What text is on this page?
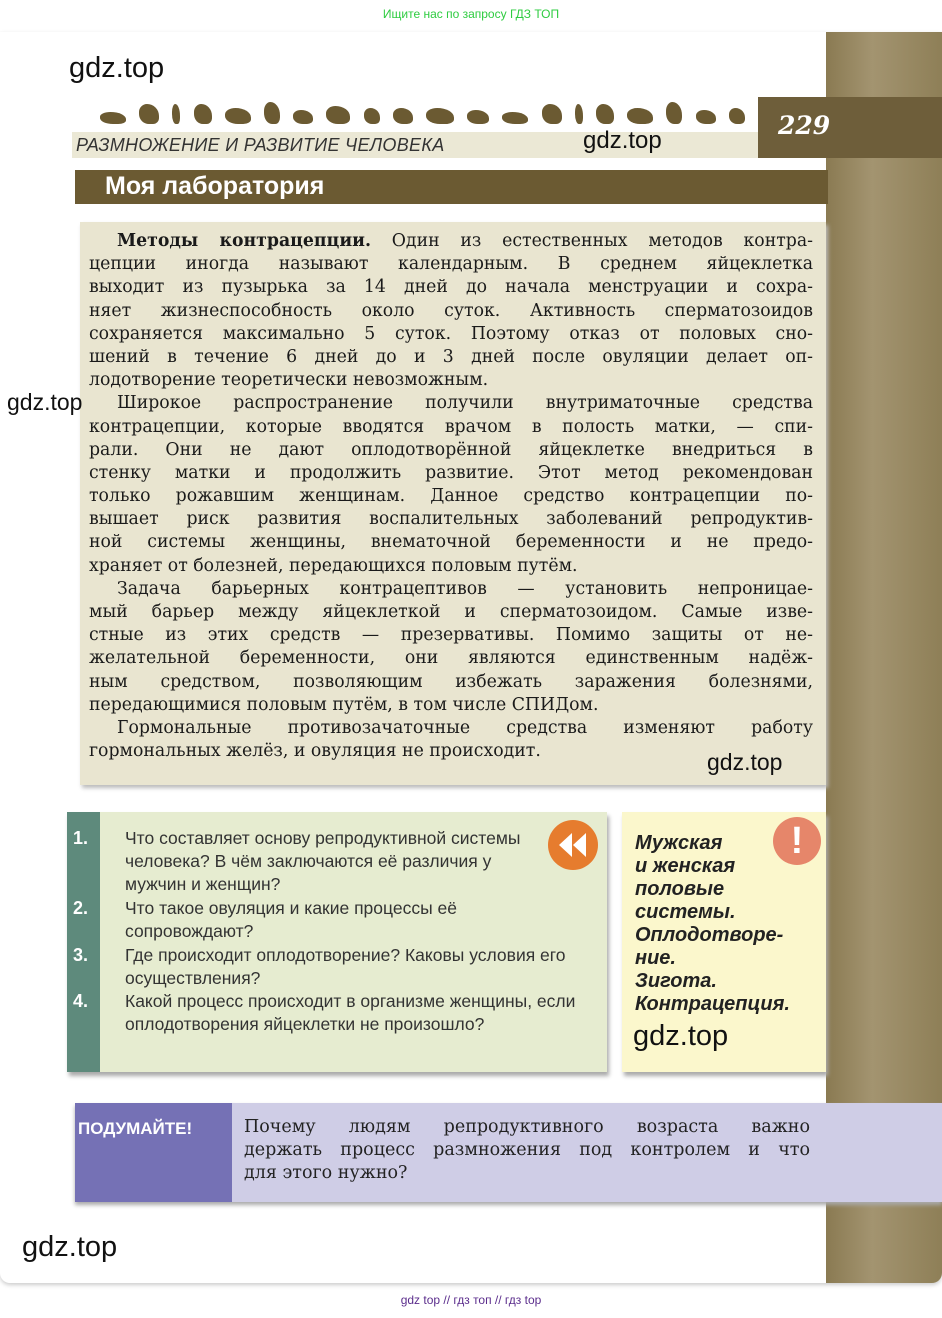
Ищите нас по запросу ГДЗ ТОП
gdz.top
229
РАЗМНОЖЕНИЕ И РАЗВИТИЕ ЧЕЛОВЕКА	gdz.top
Моя лаборатория
Методы контрацепции. Один из естественных методов контра-
цепции иногда называют календарным. В среднем яйцеклетка
выходит из пузырька за 14 дней до начала менструации и сохра-
няет жизнеспособность около суток. Активность сперматозоидов
сохраняется максимально 5 суток. Поэтому отказ от половых сно-
шений в течение 6 дней до и 3 дней после овуляции делает оп-
лодотворение теоретически невозможным.
Широкое распространение получили внутриматочные средства
контрацепции, которые вводятся врачом в полость матки, — спи-
рали. Они не дают оплодотворённой яйцеклетке внедриться в
стенку матки и продолжить развитие. Этот метод рекомендован
только рожавшим женщинам. Данное средство контрацепции по-
вышает риск развития воспалительных заболеваний репродуктив-
ной системы женщины, внематочной беременности и не предо-
храняет от болезней, передающихся половым путём.
Задача барьерных контрацептивов — установить непроницае-
мый барьер между яйцеклеткой и сперматозоидом. Самые изве-
стные из этих средств — презервативы. Помимо защиты от не-
желательной беременности, они являются единственным надёж-
ным средством, позволяющим избежать заражения болезнями,
передающимися половым путём, в том числе СПИДом.
Гормональные противозачаточные средства изменяют работу
гормональных желёз, и овуляция не происходит.
gdz.top
gdz.top
1. Что составляет основу репродуктивной системы человека? В чём заключаются её различия у мужчин и женщин?
2. Что такое овуляция и какие процессы её сопровождают?
3. Где происходит оплодотворение? Каковы условия его осуществления?
4. Какой процесс происходит в организме женщины, если оплодотворения яйцеклетки не произошло?
!
Мужская
и женская
половые
системы.
Оплодотворе-
ние.
Зигота.
Контрацепция.
gdz.top
ПОДУМАЙТЕ!	Почему людям репродуктивного возраста важно
держать процесс размножения под контролем и что
для этого нужно?
gdz.top
gdz top // гдз топ // гдз top
